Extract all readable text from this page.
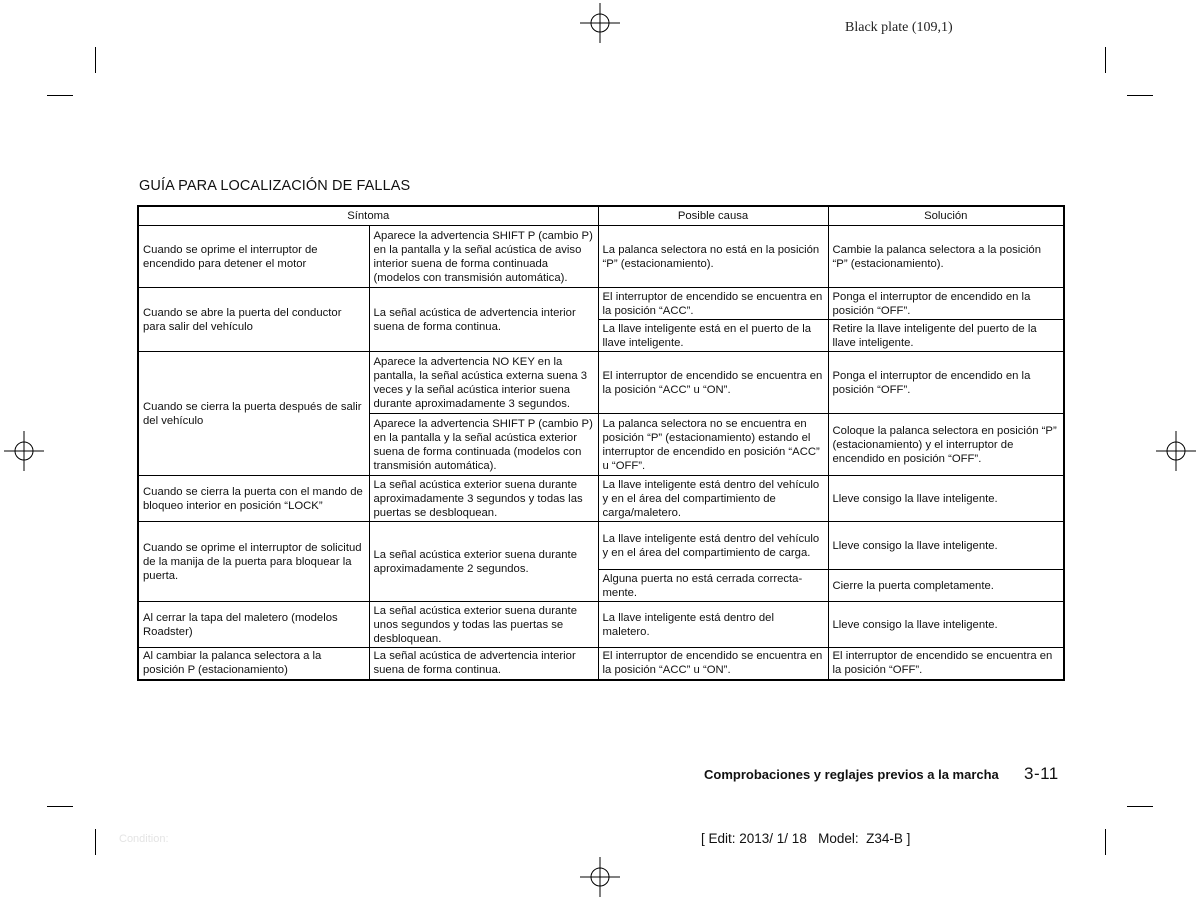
Black plate (109,1)
GUÍA PARA LOCALIZACIÓN DE FALLAS
Síntoma		Posible causa	Solución
Cuando se oprime el interruptor de encendido para detener el motor	Aparece la advertencia SHIFT P (cambio P) en la pantalla y la señal acústica de aviso interior suena de forma continuada (modelos con transmisión automática).	La palanca selectora no está en la posición “P” (estacionamiento).	Cambie la palanca selectora a la posición “P” (estacionamiento).
Cuando se abre la puerta del conductor para salir del vehículo	La señal acústica de advertencia interior suena de forma continua.	El interruptor de encendido se encuentra en la posición “ACC”.	Ponga el interruptor de encendido en la posición “OFF”.
		La llave inteligente está en el puerto de la llave inteligente.	Retire la llave inteligente del puerto de la llave inteligente.
Cuando se cierra la puerta después de salir del vehículo	Aparece la advertencia NO KEY en la pantalla, la señal acústica externa suena 3 veces y la señal acústica interior suena durante aproximadamente 3 segundos.	El interruptor de encendido se encuentra en la posición “ACC” u “ON”.	Ponga el interruptor de encendido en la posición “OFF”.
	Aparece la advertencia SHIFT P (cambio P) en la pantalla y la señal acústica exterior suena de forma continuada (modelos con transmisión automática).	La palanca selectora no se encuentra en posición “P” (estacionamiento) estando el interruptor de encendido en posición “ACC” u “OFF”.	Coloque la palanca selectora en posición “P” (estacionamiento) y el interruptor de encendido en posición “OFF”.
Cuando se cierra la puerta con el mando de bloqueo interior en posición “LOCK”	La señal acústica exterior suena durante aproximadamente 3 segundos y todas las puertas se desbloquean.	La llave inteligente está dentro del vehículo y en el área del compartimiento de carga/maletero.	Lleve consigo la llave inteligente.
Cuando se oprime el interruptor de solicitud de la manija de la puerta para bloquear la puerta.	La señal acústica exterior suena durante aproximadamente 2 segundos.	La llave inteligente está dentro del vehículo y en el área del compartimiento de carga.	Lleve consigo la llave inteligente.
		Alguna puerta no está cerrada correcta-mente.	Cierre la puerta completamente.
Al cerrar la tapa del maletero (modelos Roadster)	La señal acústica exterior suena durante unos segundos y todas las puertas se desbloquean.	La llave inteligente está dentro del maletero.	Lleve consigo la llave inteligente.
Al cambiar la palanca selectora a la posición P (estacionamiento)	La señal acústica de advertencia interior suena de forma continua.	El interruptor de encendido se encuentra en la posición “ACC” u “ON”.	El interruptor de encendido se encuentra en la posición “OFF”.
Comprobaciones y reglajes previos a la marcha 3-11
Condition:	[ Edit: 2013/ 1/ 18   Model:  Z34-B ]
